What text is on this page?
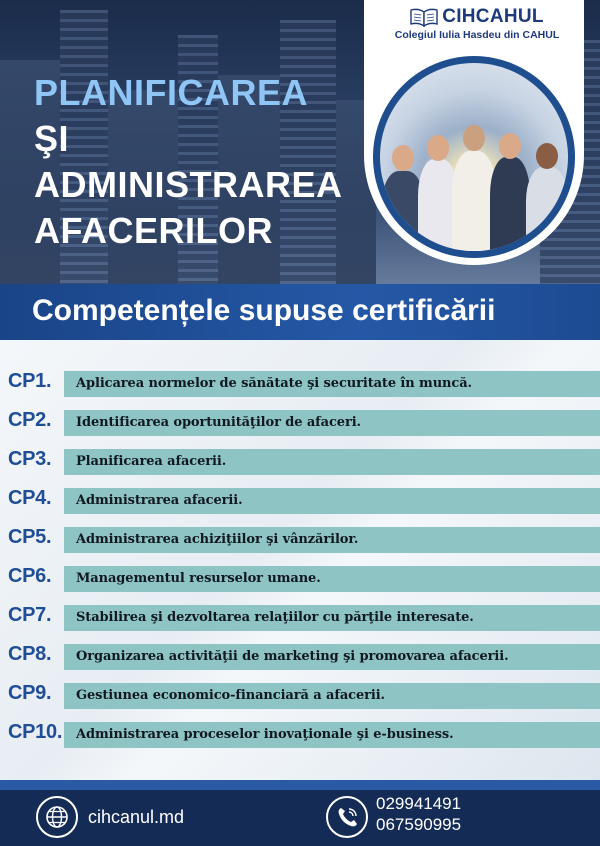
PLANIFICAREA
ŞI ADMINISTRAREA
AFACERILOR
CIHCAHUL
Colegiul Iulia Hasdeu din CAHUL
Competențele supuse certificării
CP1. Aplicarea normelor de sănătate şi securitate în muncă.
CP2. Identificarea oportunităţilor de afaceri.
CP3. Planificarea afacerii.
CP4. Administrarea afacerii.
CP5. Administrarea achiziţiilor şi vânzărilor.
CP6. Managementul resurselor umane.
CP7. Stabilirea şi dezvoltarea relaţiilor cu părţile interesate.
CP8. Organizarea activităţii de marketing şi promovarea afacerii.
CP9. Gestiunea economico-financiară a afacerii.
CP10. Administrarea proceselor inovaţionale şi e-business.
cihcanul.md
029941491
067590995
